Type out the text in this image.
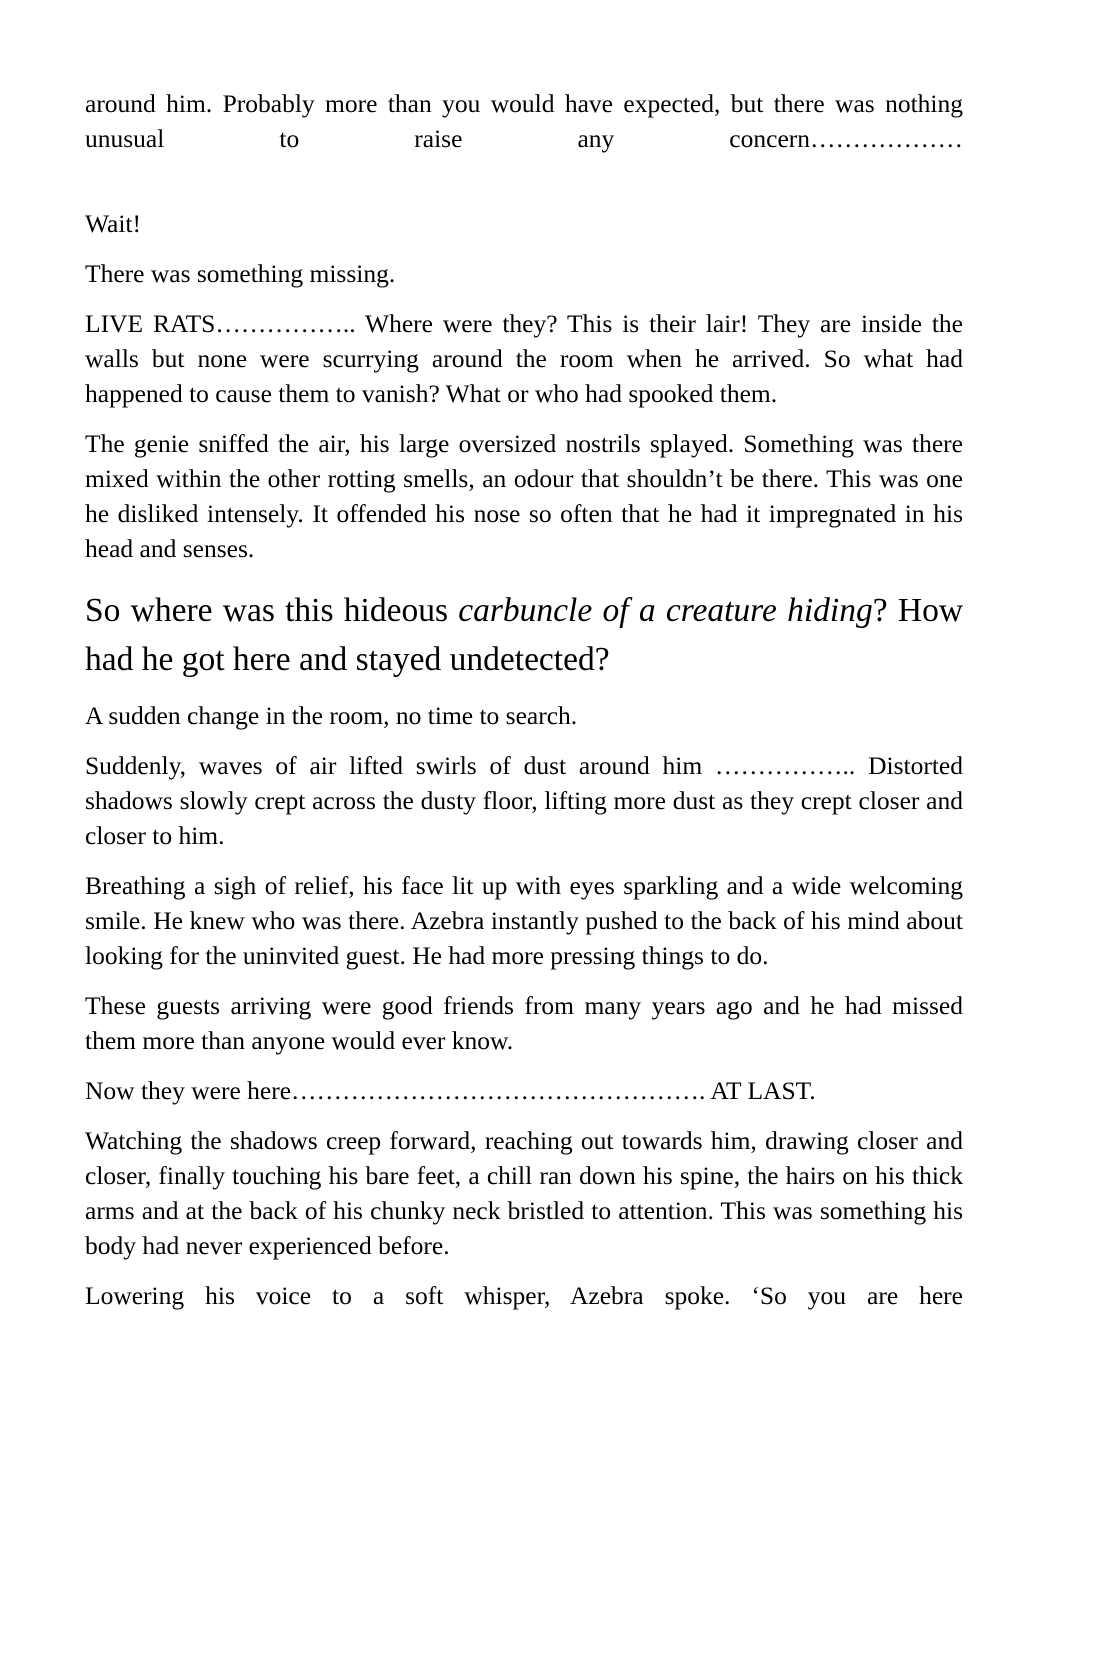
around him. Probably more than you would have expected, but there was nothing unusual to raise any concern………………

Wait!

There was something missing.

LIVE RATS…………….. Where were they? This is their lair! They are inside the walls but none were scurrying around the room when he arrived. So what had happened to cause them to vanish? What or who had spooked them.

The genie sniffed the air, his large oversized nostrils splayed. Something was there mixed within the other rotting smells, an odour that shouldn’t be there. This was one he disliked intensely. It offended his nose so often that he had it impregnated in his head and senses.

So where was this hideous carbuncle of a creature hiding? How had he got here and stayed undetected?

A sudden change in the room, no time to search.

Suddenly, waves of air lifted swirls of dust around him …………….. Distorted shadows slowly crept across the dusty floor, lifting more dust as they crept closer and closer to him.

Breathing a sigh of relief, his face lit up with eyes sparkling and a wide welcoming smile. He knew who was there. Azebra instantly pushed to the back of his mind about looking for the uninvited guest. He had more pressing things to do.

These guests arriving were good friends from many years ago and he had missed them more than anyone would ever know.

Now they were here…………………………………………. AT LAST.

Watching the shadows creep forward, reaching out towards him, drawing closer and closer, finally touching his bare feet, a chill ran down his spine, the hairs on his thick arms and at the back of his chunky neck bristled to attention. This was something his body had never experienced before.

Lowering his voice to a soft whisper, Azebra spoke. ‘So you are here
